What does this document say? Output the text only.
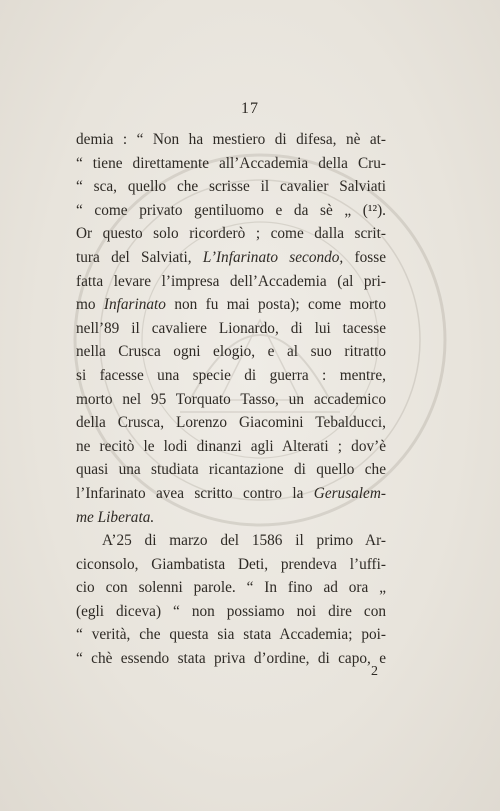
17
demia : “ Non ha mestiero di difesa, nè at-
“ tiene direttamente all’Accademia della Cru-
“ sca, quello che scrisse il cavalier Salviati
“ come privato gentiluomo e da sè „ (¹²).
Or questo solo ricorderò ; come dalla scrit-
tura del Salviati, L’Infarinato secondo, fosse
fatta levare l’impresa dell’Accademia (al pri-
mo Infarinato non fu mai posta); come morto
nell’89 il cavaliere Lionardo, di lui tacesse
nella Crusca ogni elogio, e al suo ritratto
si facesse una specie di guerra : mentre,
morto nel 95 Torquato Tasso, un accademico
della Crusca, Lorenzo Giacomini Tebalducci,
ne recitò le lodi dinanzi agli Alterati ; dov’è
quasi una studiata ricantazione di quello che
l’Infarinato avea scritto contro la Gerusalem-
me Liberata.
A’25 di marzo del 1586 il primo Ar-
ciconsolo, Giambatista Deti, prendeva l’uffi-
cio con solenni parole. “ In fino ad ora „
(egli diceva) “ non possiamo noi dire con
“ verità, che questa sia stata Accademia; poi-
“ chè essendo stata priva d’ordine, di capo, e
2
